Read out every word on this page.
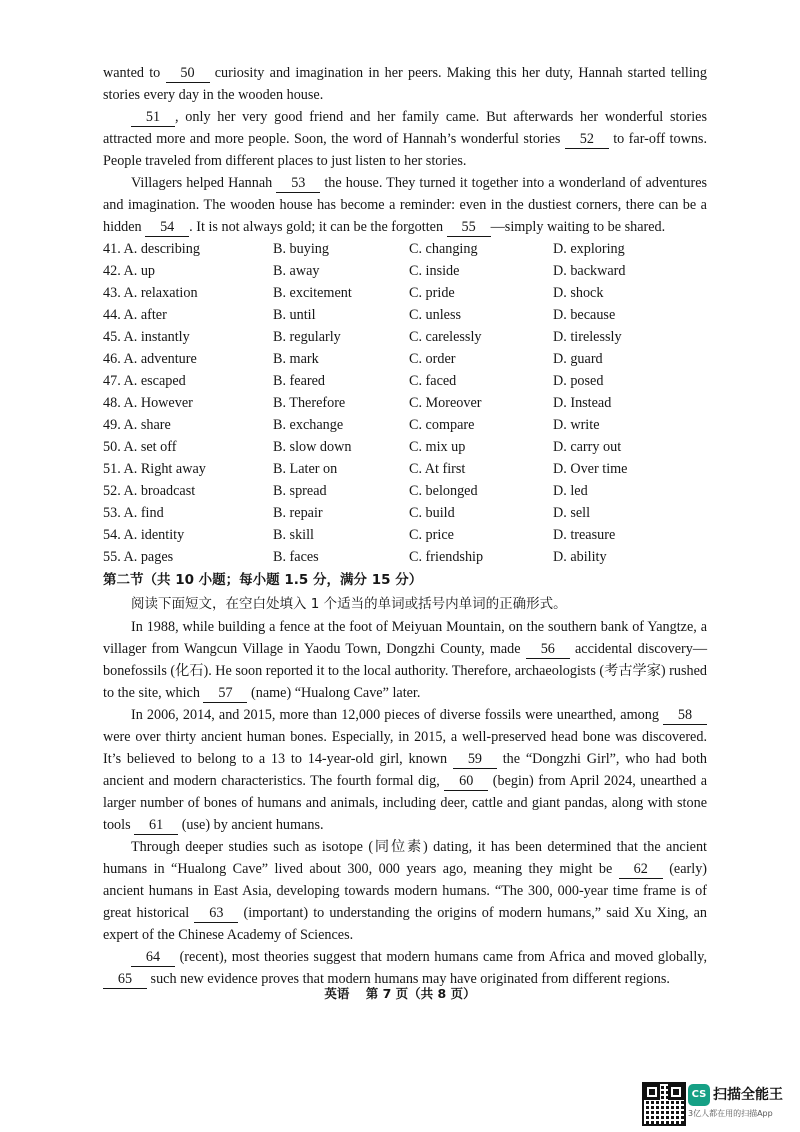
wanted to 50 curiosity and imagination in her peers. Making this her duty, Hannah started telling stories every day in the wooden house.

51 , only her very good friend and her family came. But afterwards her wonderful stories attracted more and more people. Soon, the word of Hannah’s wonderful stories 52 to far-off towns. People traveled from different places to just listen to her stories.

Villagers helped Hannah 53 the house. They turned it together into a wonderland of adventures and imagination. The wooden house has become a reminder: even in the dustiest corners, there can be a hidden 54 . It is not always gold; it can be the forgotten 55 —simply waiting to be shared.

41. A. describing	B. buying	C. changing	D. exploring
42. A. up	B. away	C. inside	D. backward
43. A. relaxation	B. excitement	C. pride	D. shock
44. A. after	B. until	C. unless	D. because
45. A. instantly	B. regularly	C. carelessly	D. tirelessly
46. A. adventure	B. mark	C. order	D. guard
47. A. escaped	B. feared	C. faced	D. posed
48. A. However	B. Therefore	C. Moreover	D. Instead
49. A. share	B. exchange	C. compare	D. write
50. A. set off	B. slow down	C. mix up	D. carry out
51. A. Right away	B. Later on	C. At first	D. Over time
52. A. broadcast	B. spread	C. belonged	D. led
53. A. find	B. repair	C. build	D. sell
54. A. identity	B. skill	C. price	D. treasure
55. A. pages	B. faces	C. friendship	D. ability

第二节（共 10 小题；每小题 1.5 分，满分 15 分）

阅读下面短文，在空白处填入 1 个适当的单词或括号内单词的正确形式。

In 1988, while building a fence at the foot of Meiyuan Mountain, on the southern bank of Yangtze, a villager from Wangcun Village in Yaodu Town, Dongzhi County, made 56 accidental discovery—bonefossils (化石). He soon reported it to the local authority. Therefore, archaeologists (考古学家) rushed to the site, which 57 (name) “Hualong Cave” later.

In 2006, 2014, and 2015, more than 12,000 pieces of diverse fossils were unearthed, among 58 were over thirty ancient human bones. Especially, in 2015, a well-preserved head bone was discovered. It’s believed to belong to a 13 to 14-year-old girl, known 59 the “Dongzhi Girl”, who had both ancient and modern characteristics. The fourth formal dig, 60 (begin) from April 2024, unearthed a larger number of bones of humans and animals, including deer, cattle and giant pandas, along with stone tools 61 (use) by ancient humans.

Through deeper studies such as isotope (同位素) dating, it has been determined that the ancient humans in “Hualong Cave” lived about 300, 000 years ago, meaning they might be 62 (early) ancient humans in East Asia, developing towards modern humans. “The 300, 000-year time frame is of great historical 63 (important) to understanding the origins of modern humans,” said Xu Xing, an expert of the Chinese Academy of Sciences.

64 (recent), most theories suggest that modern humans came from Africa and moved globally, 65 such new evidence proves that modern humans may have originated from different regions.

英语 第 7 页（共 8 页）
CS 扫描全能王
3亿人都在用的扫描App
